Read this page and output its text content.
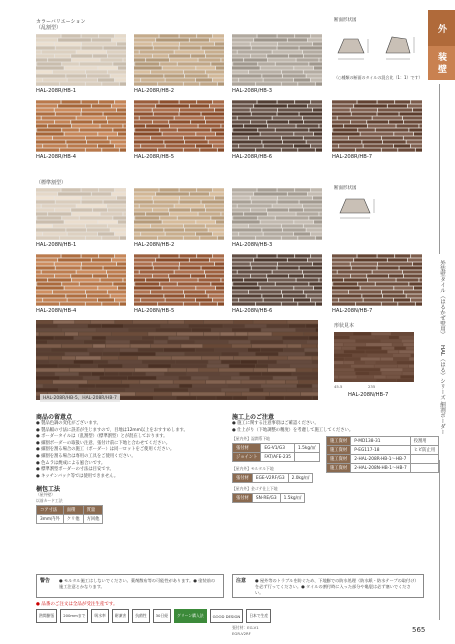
外
装 壁
外装壁タイル（はるかぜ壁用）
HAL（はる）シリーズ 細割ボーダー
カラーバリエーション
（乱割型）
HAL-208R/HB-1	HAL-208R/HB-2	HAL-208R/HB-3
HAL-208R/HB-4	HAL-208R/HB-5	HAL-208R/HB-6	HAL-208R/HB-7
断面形状図
（○種類の断面のタイルの混合比（1：1）です）
（標準割型）
HAL-208N/HB-1	HAL-208N/HB-2	HAL-208N/HB-3
HAL-208N/HB-4	HAL-208N/HB-5	HAL-208N/HB-6	HAL-208N/HB-7
断面形状図
HAL-208R/HB-5、HAL-208R/HB-7
形状見本
45.5	235
HAL-208N/HB-7
商品の留意点
● 製品色調の変化がございます。
● 製品幅の寸法に誤差が生じますので、目地は12mm以上をおすすめします。
● ボーダータイルは（乱割型）（標準割型）とが混在しております。
● 細割ボーダーの取扱い注意、張付け前に下地と合わせてください。
● 細割を割る場合の施工（ボーダー）は同一ロットをご使用ください。
● 細割を割る場合は専用の工具をご使用ください。
● 色ムラは焼成による風合いです。
● 標準割型ボーダーの寸法は目安です。
● キッチンバック等では使用できません。
梱包工法
（屋外壁）
以前カード工法
コア寸法	面積	質量
3mm内外	クリ他	方回他
施工上のご注意
● 施工に関する注意事項はご確認ください。
● 仕上がり（下地調整の精度）を考慮して施工してください。
【屋内外】湿潤系下地
張付材	EG-V1/G3	1.5kg/㎡
ジョイント	FAT/AFE-235	
【屋内外】モルタル下地
張付材	EGE-V2RF/G3	2.0kg/㎡
【屋内外】金ゴテ仕上下地
張付材	SN-RE/G3	1.5kg/㎡
施工資材	P-MD138-31	役割用
施工資材	P-EG117-18	ヒビ防止用
施工資材	2-HAL-208R-HB-1～HB-7	
施工資材	2-HAL-208N-HB-1～HB-7	
警告 ● モルタル施工はしないでください。薬剤散布等の可能性があります。● 塗装前の施工注意とかなります。
注意 ● 屋外等のトラブルを防ぐため、下地膨での防水処理（防水紙・防水テープの取付け）を必ず行ってください。● タイルの割付時に入った部分や亀裂は必ず塞いでください。
● 品番のご注文は全品が受注生産です。
熱間膨張	200mmまで	吸水率	耐凍害	抗菌性	30日経	グリーン購入法	GOOD DESIGN	日本で生産
張付材：EG-V1
EGR-V2RF	565
